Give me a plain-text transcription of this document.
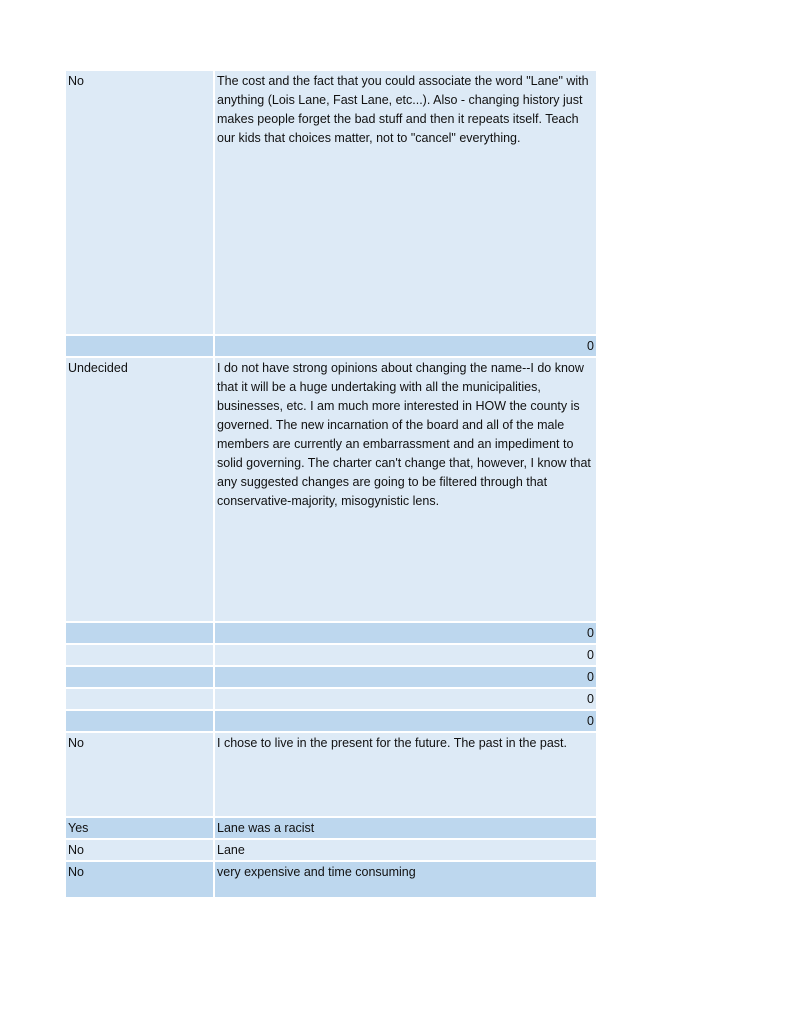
No	The cost and the fact that you could associate the word "Lane" with anything (Lois Lane, Fast Lane, etc...). Also - changing history just makes people forget the bad stuff and then it repeats itself. Teach our kids that choices matter, not to "cancel" everything.
	0
Undecided	I do not have strong opinions about changing the name--I do know that it will be a huge undertaking with all the municipalities, businesses, etc. I am much more interested in HOW the county is governed. The new incarnation of the board and all of the male members are currently an embarrassment and an impediment to solid governing. The charter can't change that, however, I know that any suggested changes are going to be filtered through that conservative-majority, misogynistic lens.
	0
	0
	0
	0
	0
No	I chose to live in the present for the future. The past in the past.
Yes	Lane was a racist
No	Lane
No	very expensive and time consuming
